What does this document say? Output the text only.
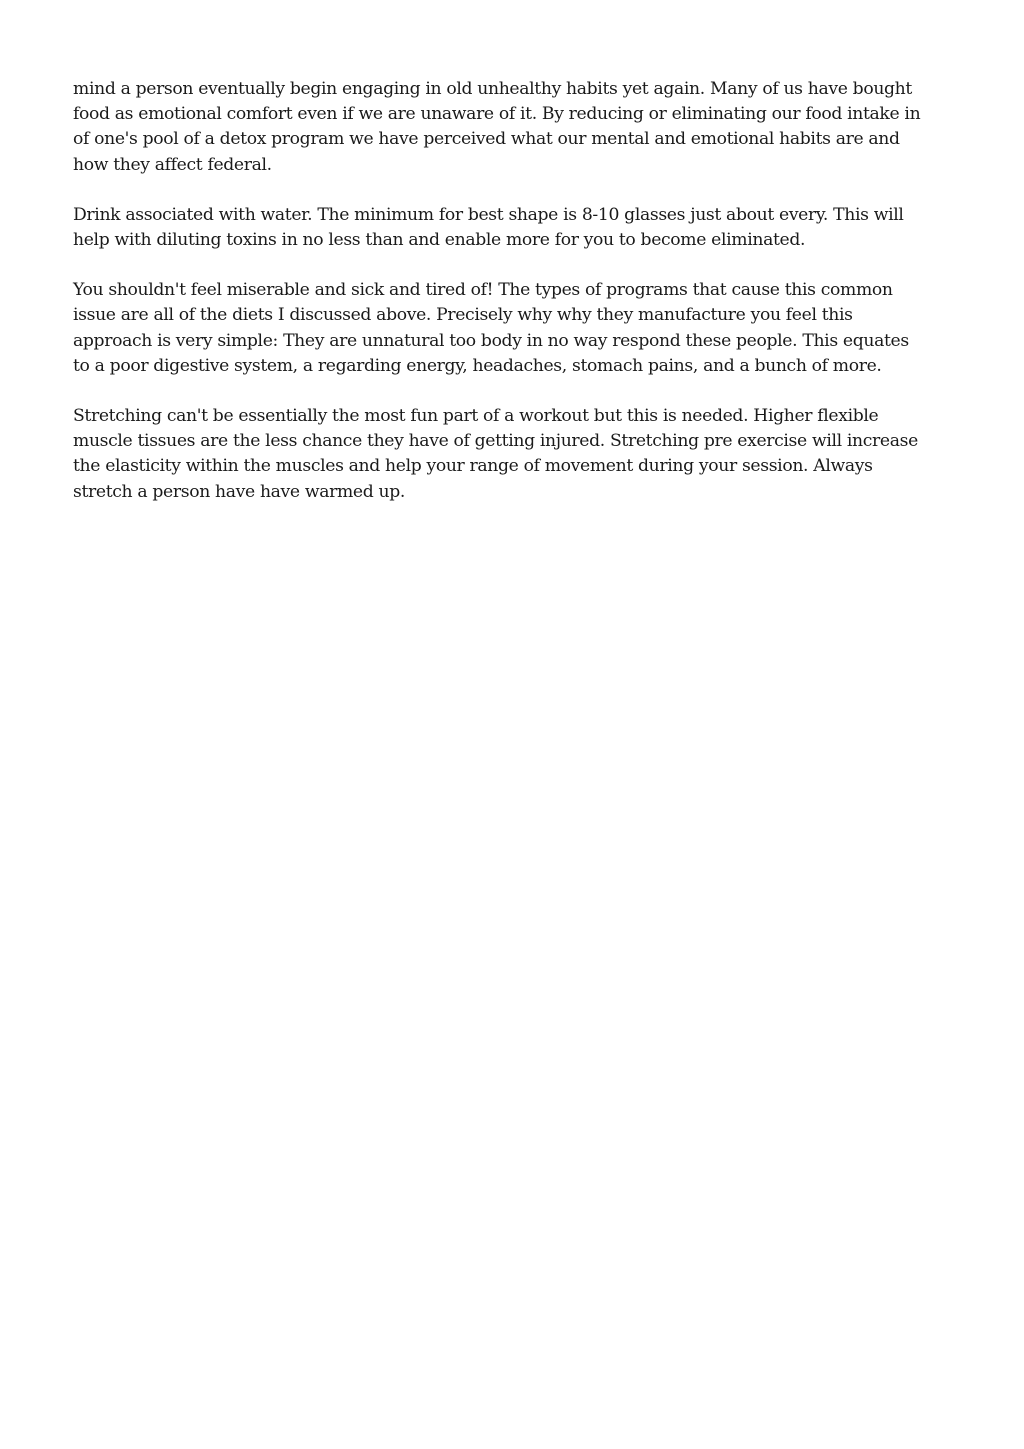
mind a person eventually begin engaging in old unhealthy habits yet again. Many of us have bought
food as emotional comfort even if we are unaware of it. By reducing or eliminating our food intake in
of one's pool of a detox program we have perceived what our mental and emotional habits are and
how they affect federal.

Drink associated with water. The minimum for best shape is 8-10 glasses just about every. This will
help with diluting toxins in no less than and enable more for you to become eliminated.

You shouldn't feel miserable and sick and tired of! The types of programs that cause this common
issue are all of the diets I discussed above. Precisely why why they manufacture you feel this
approach is very simple: They are unnatural too body in no way respond these people. This equates
to a poor digestive system, a regarding energy, headaches, stomach pains, and a bunch of more.

Stretching can't be essentially the most fun part of a workout but this is needed. Higher flexible
muscle tissues are the less chance they have of getting injured. Stretching pre exercise will increase
the elasticity within the muscles and help your range of movement during your session. Always
stretch a person have have warmed up.
